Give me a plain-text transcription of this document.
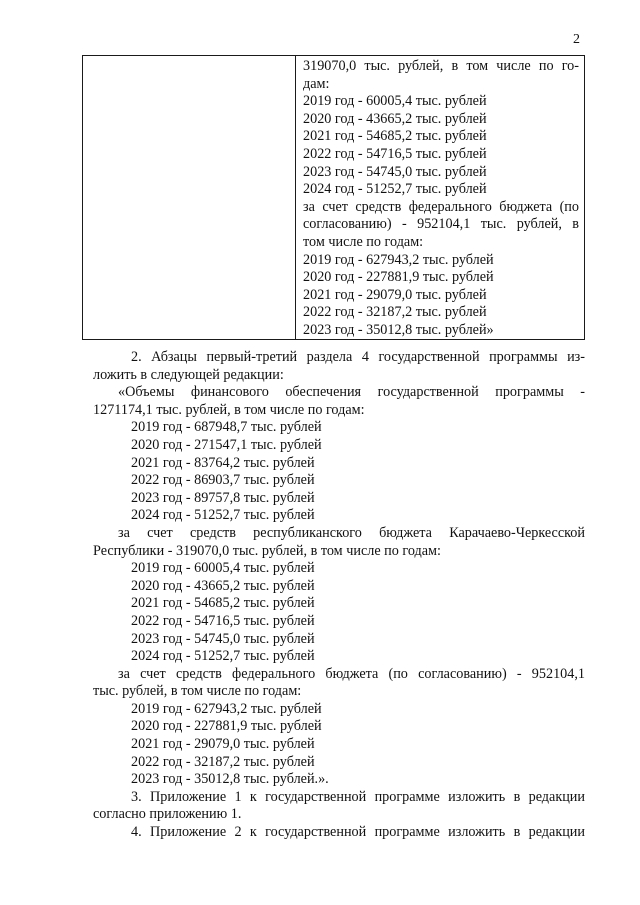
2
319070,0 тыс. рублей, в том числе по го-
дам:
2019 год - 60005,4 тыс. рублей
2020 год - 43665,2 тыс. рублей
2021 год - 54685,2 тыс. рублей
2022 год - 54716,5 тыс. рублей
2023 год - 54745,0 тыс. рублей
2024 год - 51252,7 тыс. рублей
за счет средств федерального бюджета (по
согласованию) - 952104,1 тыс. рублей, в
том числе по годам:
2019 год - 627943,2 тыс. рублей
2020 год - 227881,9 тыс. рублей
2021 год - 29079,0 тыс. рублей
2022 год - 32187,2 тыс. рублей
2023 год - 35012,8 тыс. рублей»
2. Абзацы первый-третий раздела 4 государственной программы из-
ложить в следующей редакции:
«Объемы финансового обеспечения государственной программы -
1271174,1 тыс. рублей, в том числе по годам:
2019 год - 687948,7 тыс. рублей
2020 год - 271547,1 тыс. рублей
2021 год - 83764,2 тыс. рублей
2022 год - 86903,7 тыс. рублей
2023 год - 89757,8 тыс. рублей
2024 год - 51252,7 тыс. рублей
за счет средств республиканского бюджета Карачаево-Черкесской
Республики - 319070,0 тыс. рублей, в том числе по годам:
2019 год - 60005,4 тыс. рублей
2020 год - 43665,2 тыс. рублей
2021 год - 54685,2 тыс. рублей
2022 год - 54716,5 тыс. рублей
2023 год - 54745,0 тыс. рублей
2024 год - 51252,7 тыс. рублей
за счет средств федерального бюджета (по согласованию) - 952104,1
тыс. рублей, в том числе по годам:
2019 год - 627943,2 тыс. рублей
2020 год - 227881,9 тыс. рублей
2021 год - 29079,0 тыс. рублей
2022 год - 32187,2 тыс. рублей
2023 год - 35012,8 тыс. рублей.».
3. Приложение 1 к государственной программе изложить в редакции
согласно приложению 1.
4. Приложение 2 к государственной программе изложить в редакции
